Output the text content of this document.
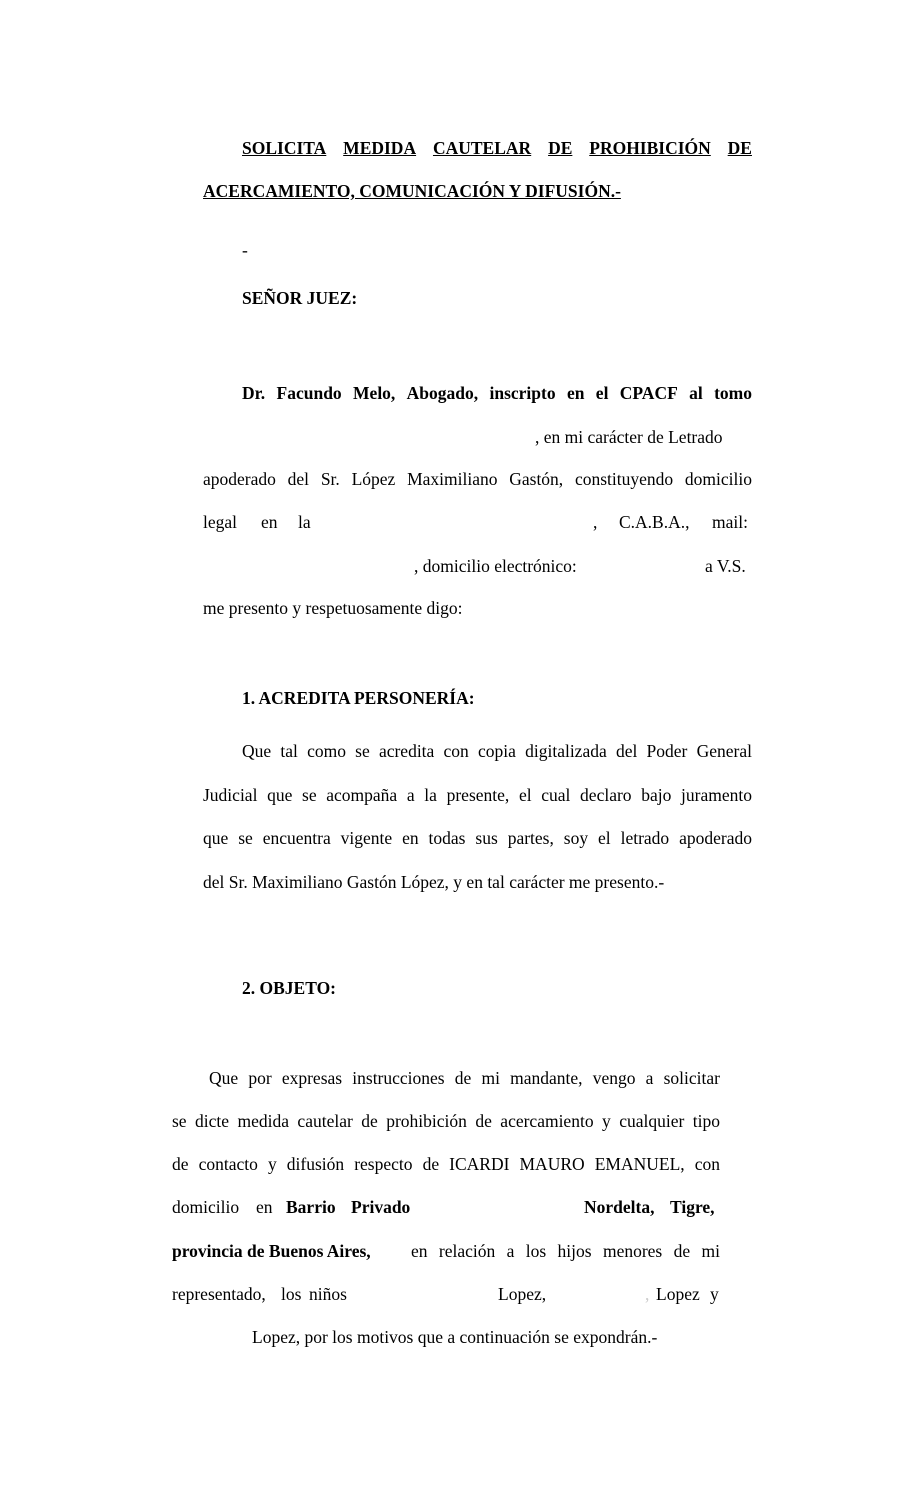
SOLICITA MEDIDA CAUTELAR DE PROHIBICIÓN DE
ACERCAMIENTO, COMUNICACIÓN Y DIFUSIÓN.-
-
SEÑOR JUEZ:
Dr. Facundo Melo, Abogado, inscripto en el CPACF al tomo
, en mi carácter de Letrado
apoderado del Sr. López Maximiliano Gastón, constituyendo domicilio
legal en la	, C.A.B.A., mail:
, domicilio electrónico:	a V.S.
me presento y respetuosamente digo:
1. ACREDITA PERSONERÍA:
Que tal como se acredita con copia digitalizada del Poder General
Judicial que se acompaña a la presente, el cual declaro bajo juramento
que se encuentra vigente en todas sus partes, soy el letrado apoderado
del Sr. Maximiliano Gastón López, y en tal carácter me presento.-
2. OBJETO:
Que por expresas instrucciones de mi mandante, vengo a solicitar
se dicte medida cautelar de prohibición de acercamiento y cualquier tipo
de contacto y difusión respecto de ICARDI MAURO EMANUEL, con
domicilio en Barrio Privado	Nordelta, Tigre,
provincia de Buenos Aires, en relación a los hijos menores de mi
representado, los niños	Lopez,	, Lopez y
Lopez, por los motivos que a continuación se expondrán.-
